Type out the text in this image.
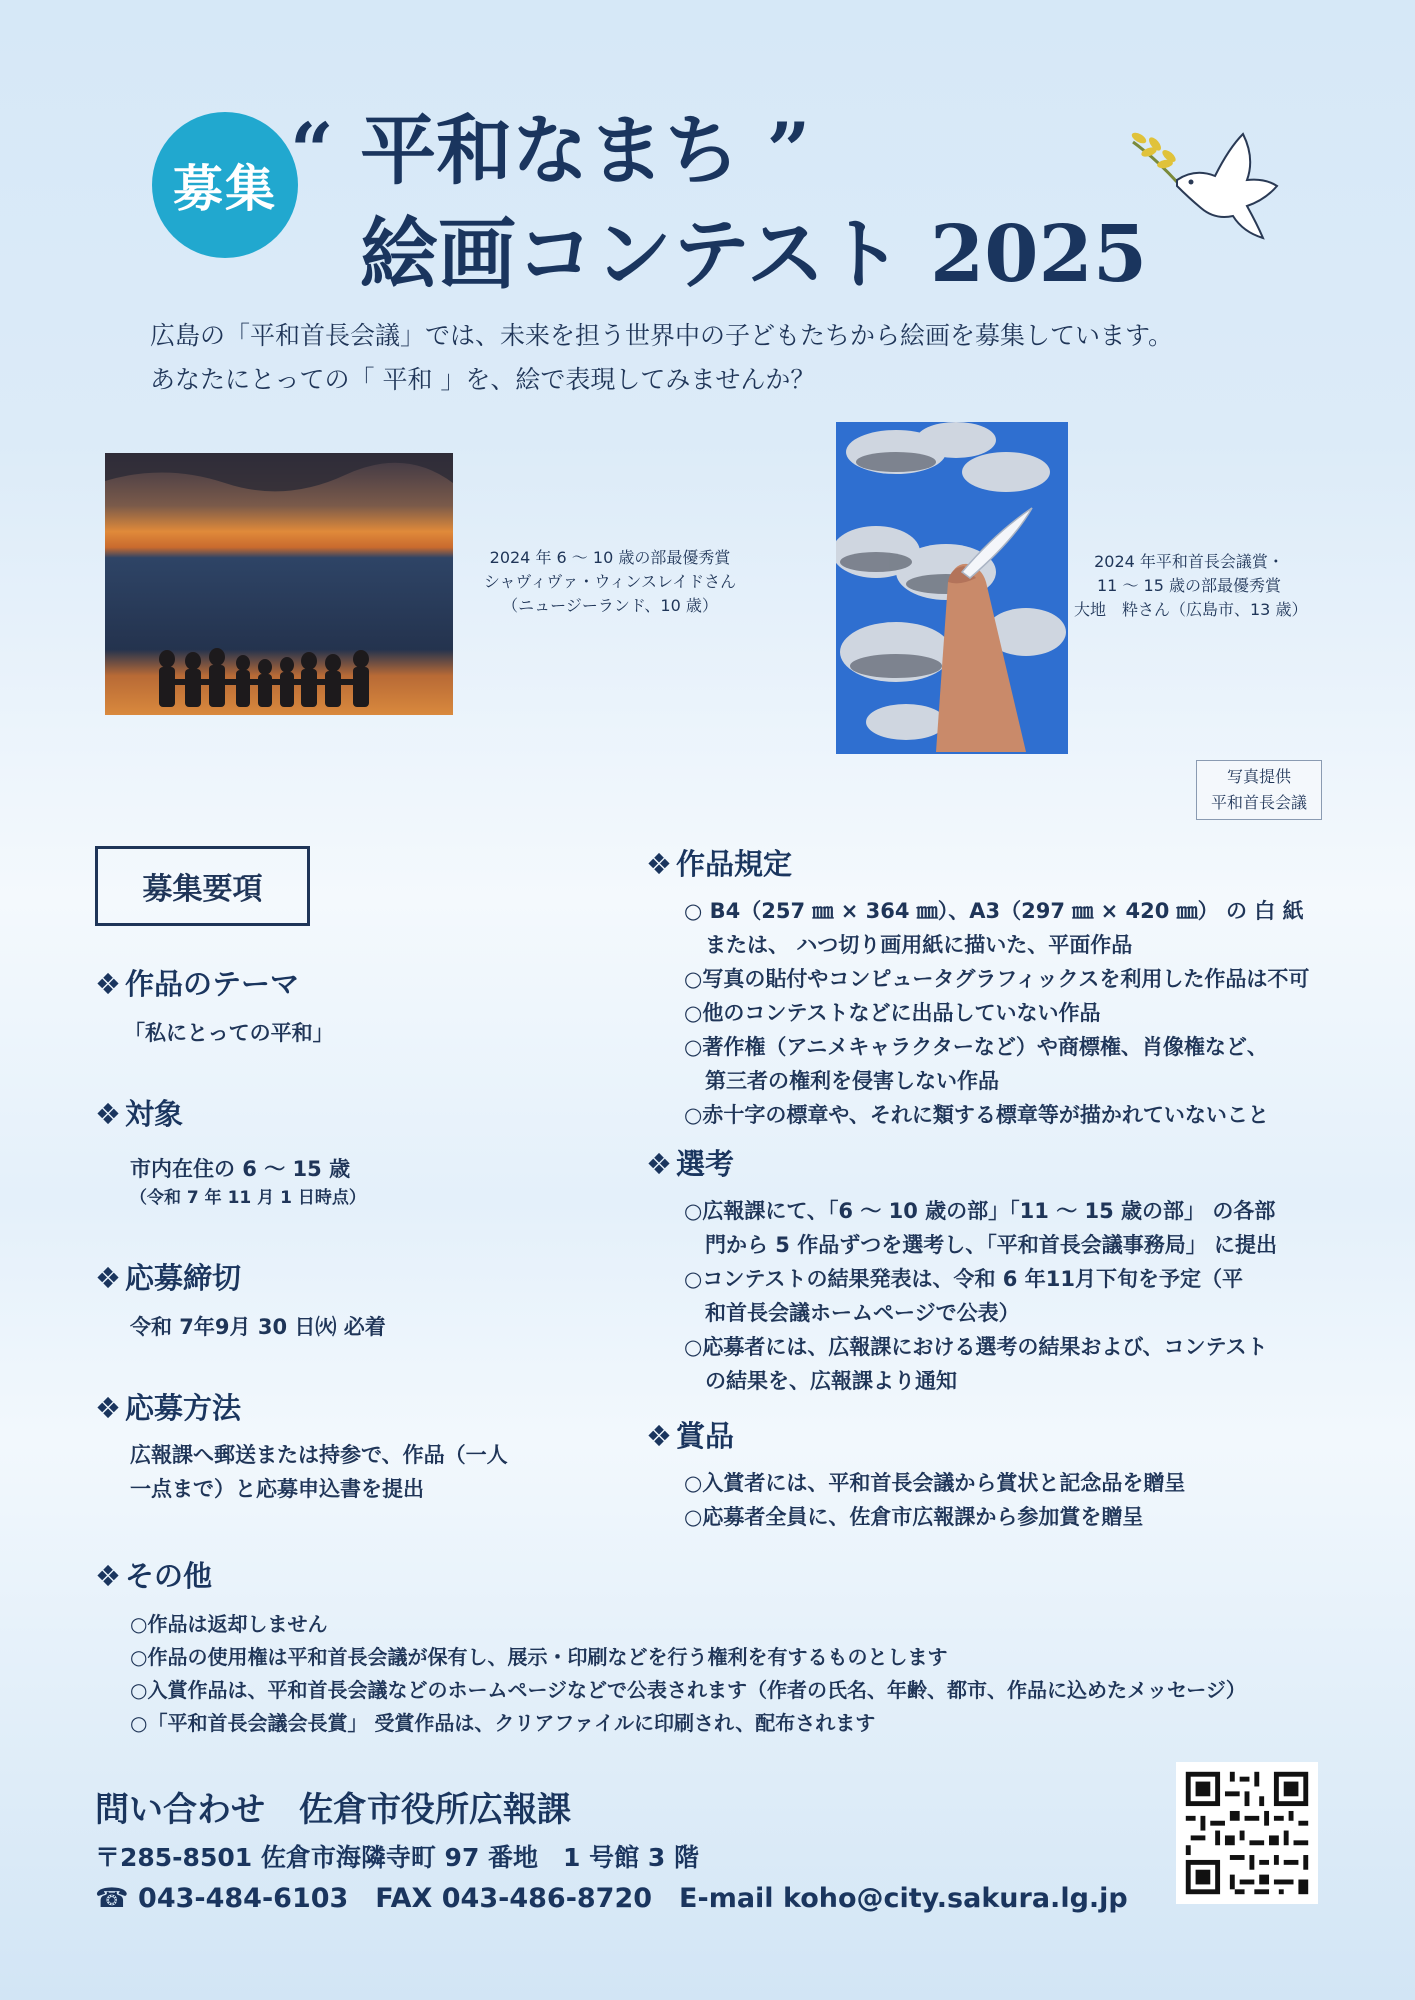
募集 “ 平和なまち ”
絵画コンテスト 2025
広島の「平和首長会議」では、未来を担う世界中の子どもたちから絵画を募集しています。
あなたにとっての「 平和 」を、絵で表現してみませんか？
2024 年 6 ～ 10 歳の部最優秀賞
シャヴィヴァ・ウィンスレイドさん
（ニュージーランド、10 歳）
2024 年平和首長会議賞・
11 ～ 15 歳の部最優秀賞
大地　粋さん（広島市、13 歳）
写真提供
平和首長会議
募集要項
❖ 作品のテーマ
「私にとっての平和」
❖ 対象
市内在住の 6 ～ 15 歳
（令和 7 年 11 月 1 日時点）
❖ 応募締切
令和 7年9月 30 日㈫ 必着
❖ 応募方法
広報課へ郵送または持参で、作品（一人
一点まで）と応募申込書を提出
❖ 作品規定
○ B4（257 ㎜ × 364 ㎜）、A3（297 ㎜ × 420 ㎜） の 白 紙
　または、 ハつ切り画用紙に描いた、平面作品
○写真の貼付やコンピュータグラフィックスを利用した作品は不可
○他のコンテストなどに出品していない作品
○著作権（アニメキャラクターなど）や商標権、肖像権など、
　第三者の権利を侵害しない作品
○赤十字の標章や、それに類する標章等が描かれていないこと
❖ 選考
○広報課にて、「6 ～ 10 歳の部」「11 ～ 15 歳の部」 の各部
　門から 5 作品ずつを選考し、「平和首長会議事務局」 に提出
○コンテストの結果発表は、令和 6 年11月下旬を予定（平
　和首長会議ホームページで公表）
○応募者には、広報課における選考の結果および、コンテスト
　の結果を、広報課より通知
❖ 賞品
○入賞者には、平和首長会議から賞状と記念品を贈呈
○応募者全員に、佐倉市広報課から参加賞を贈呈
❖ その他
○作品は返却しません
○作品の使用権は平和首長会議が保有し、展示・印刷などを行う権利を有するものとします
○入賞作品は、平和首長会議などのホームページなどで公表されます（作者の氏名、年齢、都市、作品に込めたメッセージ）
○「平和首長会議会長賞」 受賞作品は、クリアファイルに印刷され、配布されます
問い合わせ　佐倉市役所広報課
〒285-8501 佐倉市海隣寺町 97 番地　1 号館 3 階
☎ 043-484-6103　FAX 043-486-8720　E-mail koho@city.sakura.lg.jp
